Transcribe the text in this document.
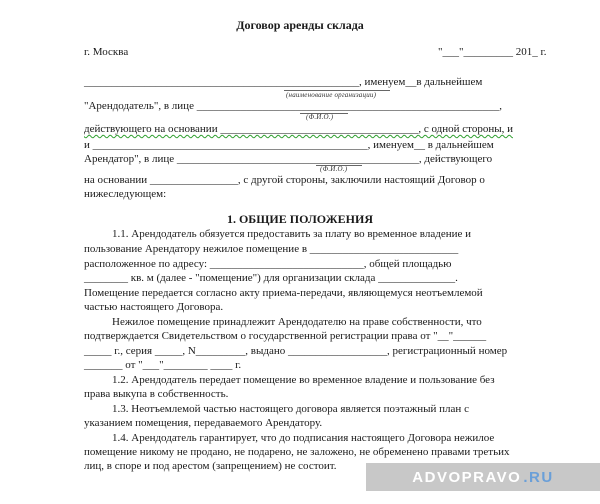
Договор аренды склада
г. Москва	"___"_________ 201_ г.
__________________________________________________, именуем__в дальнейшем
(наименование организации)
"Арендодатель", в лице _______________________________________________________,
(Ф.И.О.)
действующего на основании ____________________________________, с одной стороны, и
и __________________________________________________, именуем__ в дальнейшем
Арендатор", в лице ____________________________________________, действующего
(Ф.И.О.)
на основании ________________, с другой стороны, заключили настоящий Договор о
нижеследующем:
1. ОБЩИЕ ПОЛОЖЕНИЯ
1.1. Арендодатель обязуется предоставить за плату во временное владение и
пользование Арендатору нежилое помещение в ___________________________
расположенное по адресу: ____________________________, общей площадью
________ кв. м (далее - "помещение") для организации склада ______________.
Помещение передается согласно акту приема-передачи, являющемуся неотъемлемой
частью настоящего Договора.
Нежилое помещение принадлежит Арендодателю на праве собственности, что
подтверждается Свидетельством о государственной регистрации права от "__"______
_____ г., серия _____, N_________, выдано __________________, регистрационный номер
_______ от "___"________ ____ г.
1.2. Арендодатель передает помещение во временное владение и пользование без
права выкупа в собственность.
1.3. Неотъемлемой частью настоящего договора является поэтажный план с
указанием помещения, передаваемого Арендатору.
1.4. Арендодатель гарантирует, что до подписания настоящего Договора нежилое
помещение никому не продано, не подарено, не заложено, не обременено правами третьих
лиц, в споре и под арестом (запрещением) не состоит.
ADVOPRAVO .RU
